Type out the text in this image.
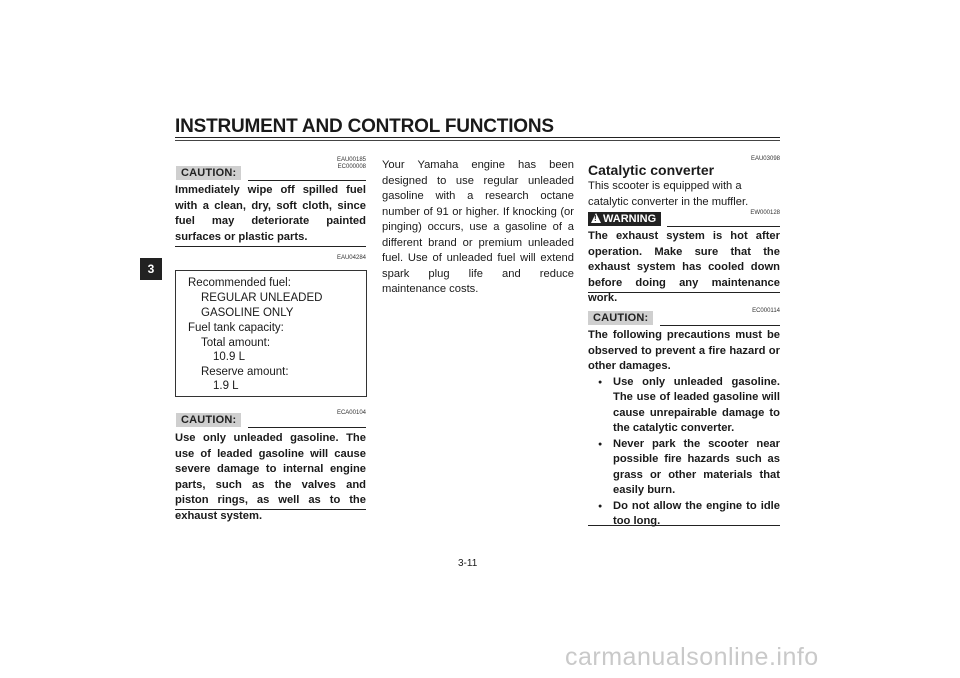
INSTRUMENT AND CONTROL FUNCTIONS
3
EAU00185
EC000008
CAUTION:
Immediately wipe off spilled fuel with a clean, dry, soft cloth, since fuel may deteriorate painted surfaces or plastic parts.
EAU04284
Recommended fuel:
REGULAR UNLEADED
GASOLINE ONLY
Fuel tank capacity:
Total amount:
10.9 L
Reserve amount:
1.9 L
ECA00104
CAUTION:
Use only unleaded gasoline. The use of leaded gasoline will cause severe damage to internal engine parts, such as the valves and piston rings, as well as to the exhaust system.
Your Yamaha engine has been designed to use regular unleaded gasoline with a research octane number of 91 or higher. If knocking (or pinging) occurs, use a gasoline of a different brand or premium unleaded fuel. Use of unleaded fuel will extend spark plug life and reduce maintenance costs.
EAU03098
Catalytic converter
This scooter is equipped with a catalytic converter in the muffler.
EW000128
!WARNING
The exhaust system is hot after operation. Make sure that the exhaust system has cooled down before doing any maintenance work.
EC000114
CAUTION:
The following precautions must be observed to prevent a fire hazard or other damages.
● Use only unleaded gasoline. The use of leaded gasoline will cause unrepairable damage to the catalytic converter.
● Never park the scooter near possible fire hazards such as grass or other materials that easily burn.
● Do not allow the engine to idle too long.
3-11
carmanualsonline.info
